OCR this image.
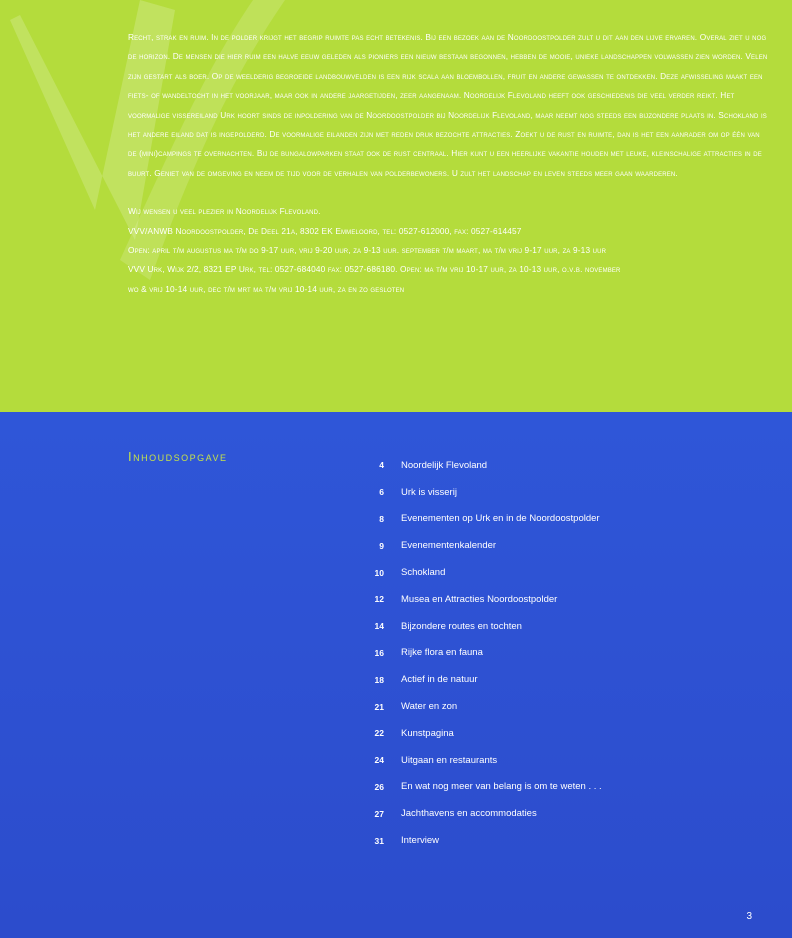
Recht, strak en ruim. In de polder krijgt het begrip ruimte pas echt betekenis. Bij een bezoek aan de Noordoostpolder zult u dit aan den lijve ervaren. Overal ziet u nog de horizon. De mensen die hier ruim een halve eeuw geleden als pioniers een nieuw bestaan begonnen, hebben de mooie, unieke landschappen volwassen zien worden. Velen zijn gestart als boer. Op de weelderig begroeide landbouwvelden is een rijk scala aan bloembollen, fruit en andere gewassen te ontdekken. Deze afwisseling maakt een fiets- of wandeltocht in het voorjaar, maar ook in andere jaargetijden, zeer aangenaam. Noordelijk Flevoland heeft ook geschiedenis die veel verder reikt. Het voormalige vissereiland Urk hoort sinds de inpoldering van de Noordoostpolder bij Noordelijk Flevoland, maar neemt nog steeds een bijzondere plaats in. Schokland is het andere eiland dat is ingepolderd. De voormalige eilanden zijn met reden druk bezochte attracties. Zoekt u de rust en ruimte, dan is het een aanrader om op één van de (mini)campings te overnachten. Bij de bungalowparken staat ook de rust centraal. Hier kunt u een heerlijke vakantie houden met leuke, kleinschalige attracties in de buurt. Geniet van de omgeving en neem de tijd voor de verhalen van polderbewoners. U zult het landschap en leven steeds meer gaan waarderen.

Wij wensen u veel plezier in Noordelijk Flevoland.

VVV/ANWB Noordoostpolder, De Deel 21a, 8302 EK Emmeloord, tel: 0527-612000, fax: 0527-614457

Open: april t/m augustus ma t/m do 9-17 uur, vrij 9-20 uur, za 9-13 uur. september t/m maart, ma t/m vrij 9-17 uur, za 9-13 uur

VVV Urk, Wijk 2/2, 8321 EP Urk, tel: 0527-684040 fax: 0527-686180. Open: ma t/m vrij 10-17 uur, za 10-13 uur, o.v.b. november

wo & vrij 10-14 uur, dec t/m mrt ma t/m vrij 10-14 uur, za en zo gesloten

Inhoudsopgave
4 Noordelijk Flevoland
6 Urk is visserij
8 Evenementen op Urk en in de Noordoostpolder
9 Evenementenkalender
10 Schokland
12 Musea en Attracties Noordoostpolder
14 Bijzondere routes en tochten
16 Rijke flora en fauna
18 Actief in de natuur
21 Water en zon
22 Kunstpagina
24 Uitgaan en restaurants
26 En wat nog meer van belang is om te weten . . .
27 Jachthavens en accommodaties
31 Interview
3
